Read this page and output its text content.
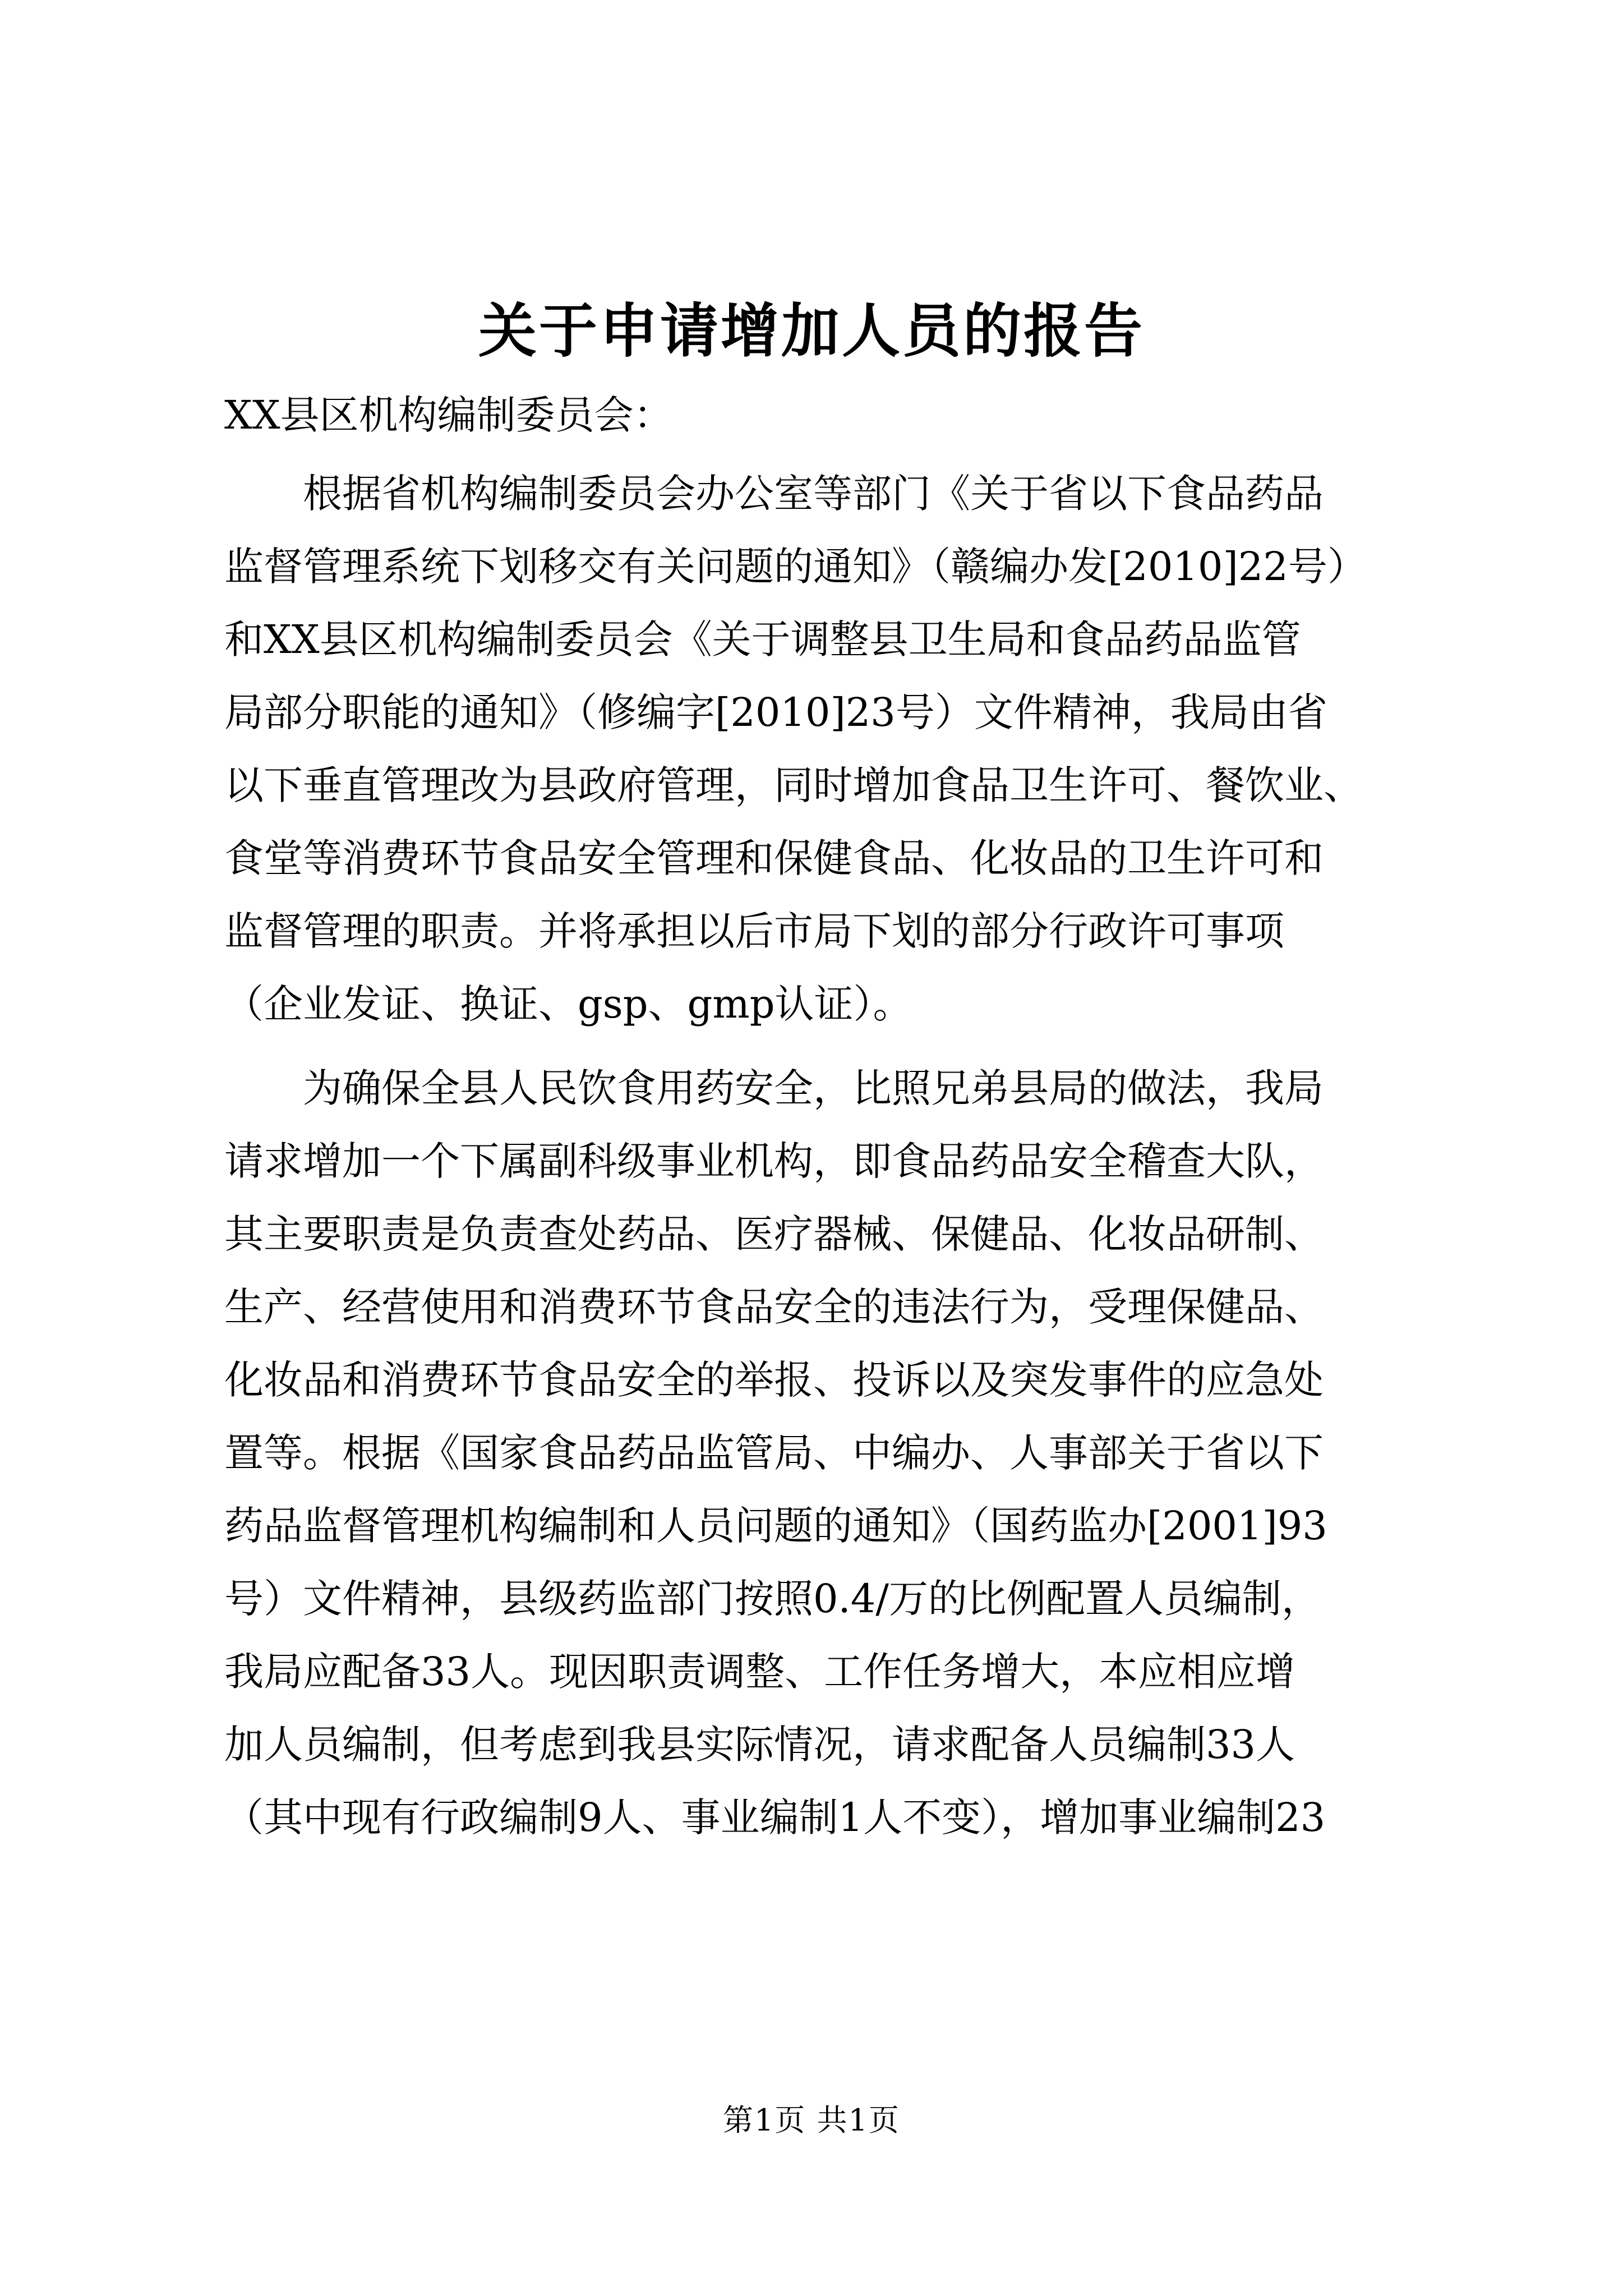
关于申请增加人员的报告
XX县区机构编制委员会：
根据省机构编制委员会办公室等部门《关于省以下食品药品
监督管理系统下划移交有关问题的通知》（赣编办发[2010]22号）
和XX县区机构编制委员会《关于调整县卫生局和食品药品监管
局部分职能的通知》（修编字[2010]23号）文件精神，我局由省
以下垂直管理改为县政府管理，同时增加食品卫生许可、餐饮业、
食堂等消费环节食品安全管理和保健食品、化妆品的卫生许可和
监督管理的职责。并将承担以后市局下划的部分行政许可事项
（企业发证、换证、gsp、gmp认证）。
为确保全县人民饮食用药安全，比照兄弟县局的做法，我局
请求增加一个下属副科级事业机构，即食品药品安全稽查大队，
其主要职责是负责查处药品、医疗器械、保健品、化妆品研制、
生产、经营使用和消费环节食品安全的违法行为，受理保健品、
化妆品和消费环节食品安全的举报、投诉以及突发事件的应急处
置等。根据《国家食品药品监管局、中编办、人事部关于省以下
药品监督管理机构编制和人员问题的通知》（国药监办[2001]93
号）文件精神，县级药监部门按照0.4/万的比例配置人员编制，
我局应配备33人。现因职责调整、工作任务增大，本应相应增
加人员编制，但考虑到我县实际情况，请求配备人员编制33人
（其中现有行政编制9人、事业编制1人不变），增加事业编制23
第1页 共1页
